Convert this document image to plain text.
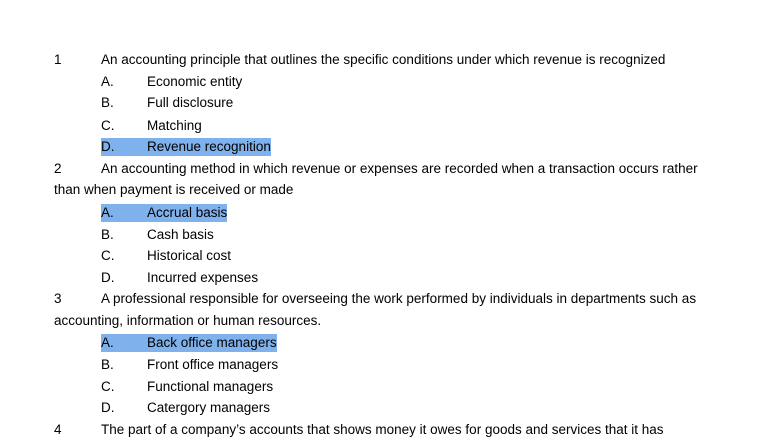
1	An accounting principle that outlines the specific conditions under which revenue is recognized
A. Economic entity
B. Full disclosure
C. Matching
D. Revenue recognition
2	An accounting method in which revenue or expenses are recorded when a transaction occurs rather
than when payment is received or made
A. Accrual basis
B. Cash basis
C. Historical cost
D. Incurred expenses
3	A professional responsible for overseeing the work performed by individuals in departments such as
accounting, information or human resources.
A. Back office managers
B. Front office managers
C. Functional managers
D. Catergory managers
4	The part of a company’s accounts that shows money it owes for goods and services that it has
